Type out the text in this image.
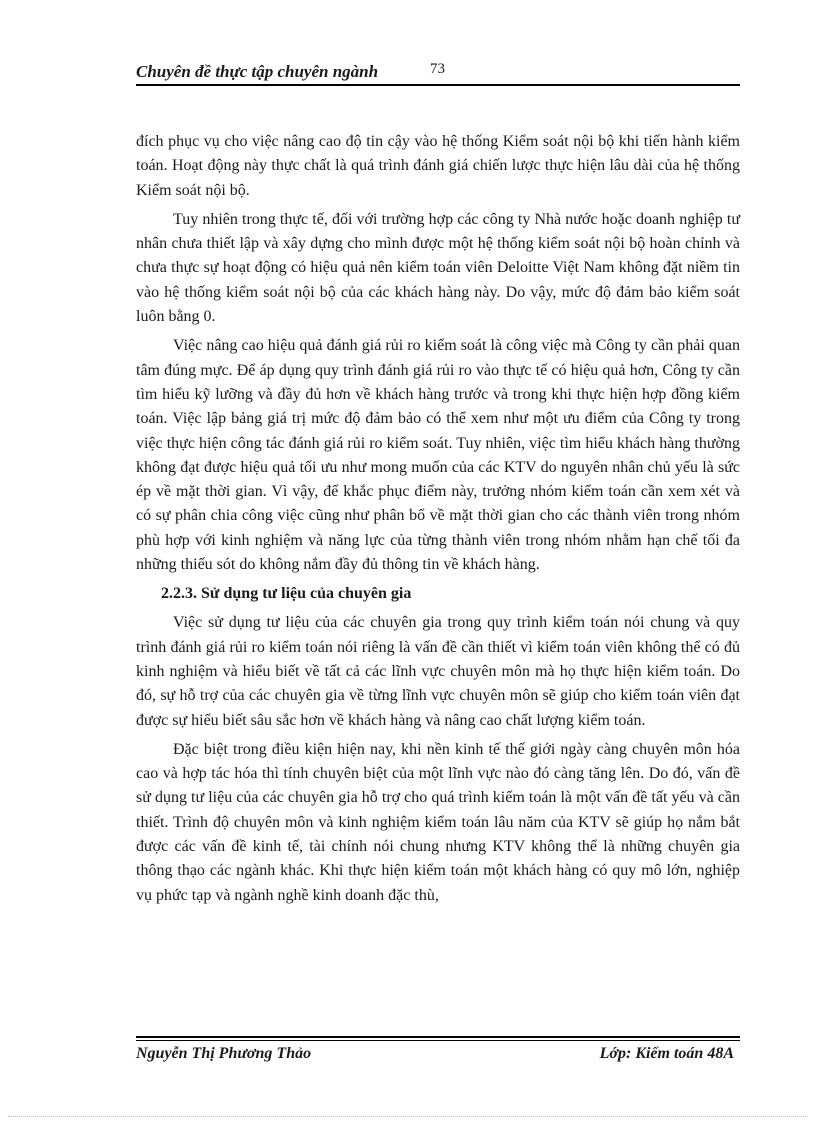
Chuyên đề thực tập chuyên ngành	73

đích phục vụ cho việc nâng cao độ tin cậy vào hệ thống Kiểm soát nội bộ khi tiến hành kiểm toán. Hoạt động này thực chất là quá trình đánh giá chiến lược thực hiện lâu dài của hệ thống Kiểm soát nội bộ.

Tuy nhiên trong thực tế, đối với trường hợp các công ty Nhà nước hoặc doanh nghiệp tư nhân chưa thiết lập và xây dựng cho mình được một hệ thống kiểm soát nội bộ hoàn chỉnh và chưa thực sự hoạt động có hiệu quả nên kiểm toán viên Deloitte Việt Nam không đặt niềm tin vào hệ thống kiểm soát nội bộ của các khách hàng này. Do vậy, mức độ đảm bảo kiểm soát luôn bằng 0.

Việc nâng cao hiệu quả đánh giá rủi ro kiểm soát là công việc mà Công ty cần phải quan tâm đúng mực. Để áp dụng quy trình đánh giá rủi ro vào thực tế có hiệu quả hơn, Công ty cần tìm hiểu kỹ lưỡng và đầy đủ hơn về khách hàng trước và trong khi thực hiện hợp đồng kiểm toán. Việc lập bảng giá trị mức độ đảm bảo có thể xem như một ưu điểm của Công ty trong việc thực hiện công tác đánh giá rủi ro kiểm soát. Tuy nhiên, việc tìm hiểu khách hàng thường không đạt được hiệu quả tối ưu như mong muốn của các KTV do nguyên nhân chủ yếu là sức ép về mặt thời gian. Vì vậy, để khắc phục điểm này, trưởng nhóm kiểm toán cần xem xét và có sự phân chia công việc cũng như phân bổ về mặt thời gian cho các thành viên trong nhóm phù hợp với kinh nghiệm và năng lực của từng thành viên trong nhóm nhằm hạn chế tối đa những thiếu sót do không nắm đầy đủ thông tin về khách hàng.

2.2.3. Sử dụng tư liệu của chuyên gia

Việc sử dụng tư liệu của các chuyên gia trong quy trình kiểm toán nói chung và quy trình đánh giá rủi ro kiểm toán nói riêng là vấn đề cần thiết vì kiểm toán viên không thể có đủ kinh nghiệm và hiểu biết về tất cả các lĩnh vực chuyên môn mà họ thực hiện kiểm toán. Do đó, sự hỗ trợ của các chuyên gia về từng lĩnh vực chuyên môn sẽ giúp cho kiểm toán viên đạt được sự hiểu biết sâu sắc hơn về khách hàng và nâng cao chất lượng kiểm toán.

Đặc biệt trong điều kiện hiện nay, khi nền kinh tế thế giới ngày càng chuyên môn hóa cao và hợp tác hóa thì tính chuyên biệt của một lĩnh vực nào đó càng tăng lên. Do đó, vấn đề sử dụng tư liệu của các chuyên gia hỗ trợ cho quá trình kiểm toán là một vấn đề tất yếu và cần thiết. Trình độ chuyên môn và kinh nghiệm kiểm toán lâu năm của KTV sẽ giúp họ nắm bắt được các vấn đề kinh tế, tài chính nói chung nhưng KTV không thể là những chuyên gia thông thạo các ngành khác. Khi thực hiện kiểm toán một khách hàng có quy mô lớn, nghiệp vụ phức tạp và ngành nghề kinh doanh đặc thù,

Nguyễn Thị Phương Thảo	Lớp: Kiểm toán 48A
